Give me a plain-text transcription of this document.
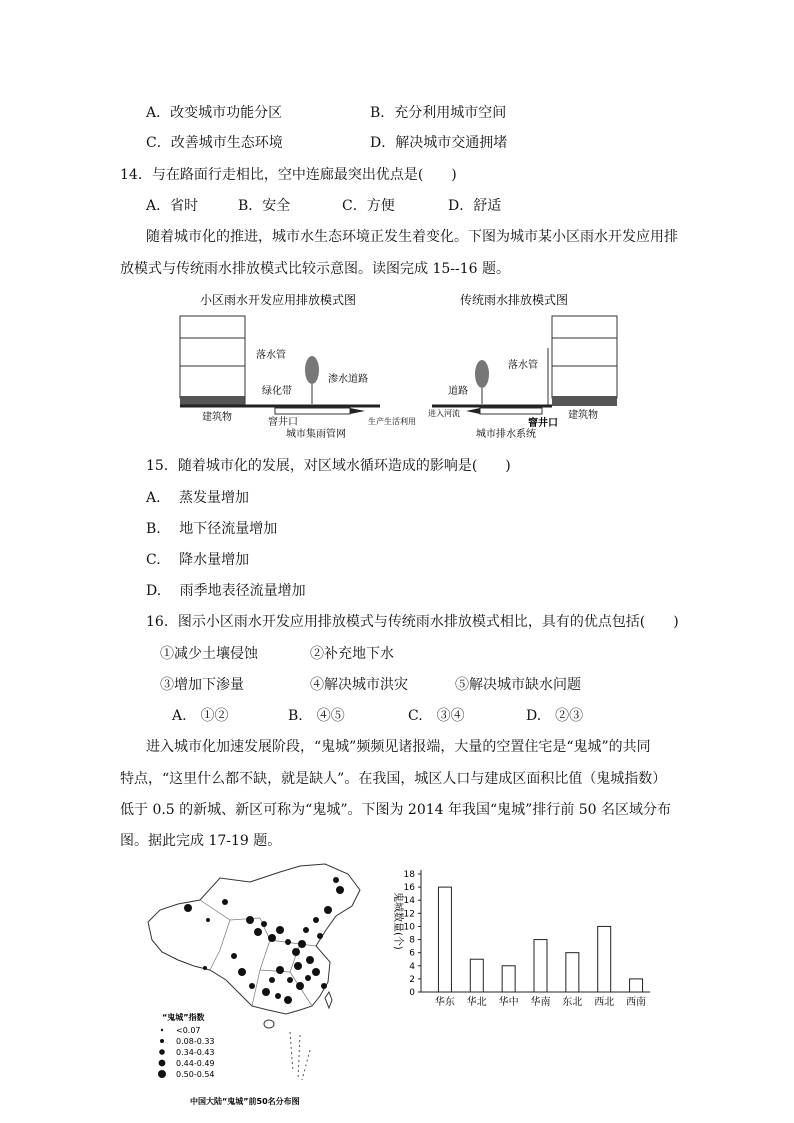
A．改变城市功能分区	B．充分利用城市空间
C．改善城市生态环境	D．解决城市交通拥堵
14．与在路面行走相比，空中连廊最突出优点是(　　)
A．省时	B．安全	C．方便	D．舒适
随着城市化的推进，城市水生态环境正发生着变化。下图为城市某小区雨水开发应用排
放模式与传统雨水排放模式比较示意图。读图完成 15--16 题。
小区雨水开发应用排放模式图
落水管
渗水道路
绿化带
生产生活利用
建筑物	窨井口
城市集雨管网
传统雨水排放模式图
落水管
道路
进入河流	建筑物
窨井口
城市排水系统
15．随着城市化的发展，对区域水循环造成的影响是(　　)
A.　 蒸发量增加
B.　 地下径流量增加
C.　 降水量增加
D.　 雨季地表径流量增加
16．图示小区雨水开发应用排放模式与传统雨水排放模式相比，具有的优点包括(　　)
①减少土壤侵蚀	②补充地下水
③增加下渗量	④解决城市洪灾	⑤解决城市缺水问题
A.　①②	B.　④⑤	C.　③④	D.　②③
进入城市化加速发展阶段，“鬼城”频频见诸报端，大量的空置住宅是“鬼城”的共同
特点，“这里什么都不缺，就是缺人”。在我国，城区人口与建成区面积比值（鬼城指数）
低于 0.5 的新城、新区可称为“鬼城”。下图为 2014 年我国“鬼城”排行前 50 名区域分布
图。据此完成 17-19 题。
“鬼城”指数
<0.07
0.08-0.33
0.34-0.43
0.44-0.49
0.50-0.54
中国大陆“鬼城”前50名分布图
鬼城数量(个)
0
2
4
6
8
10
12
14
16
18
华东 华北 华中 华南 东北 西北 西南
